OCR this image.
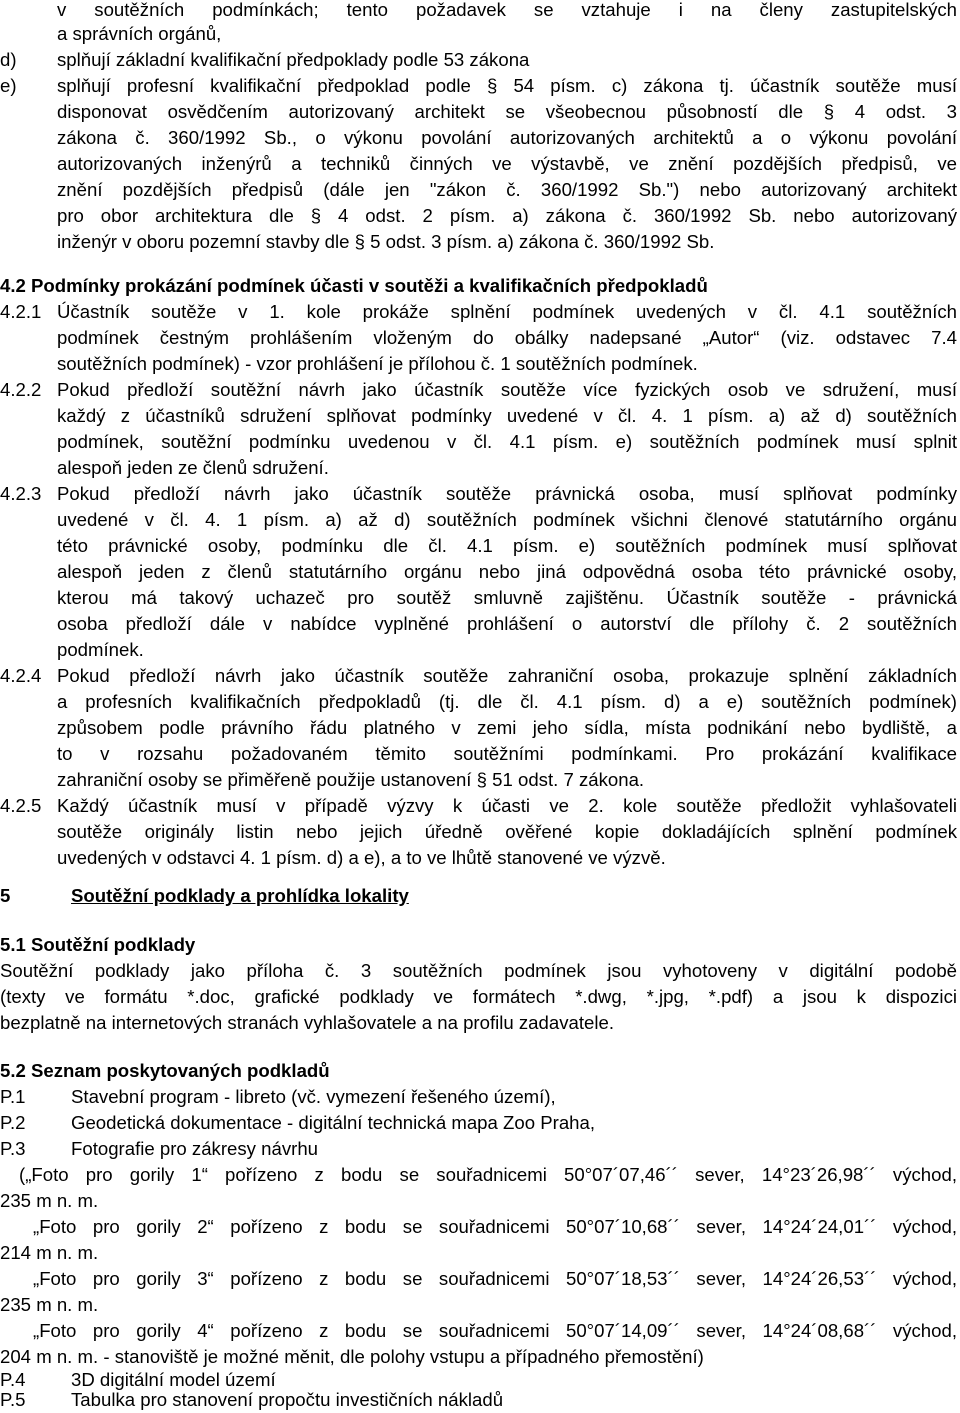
v soutěžních podmínkách; tento požadavek se vztahuje i na členy zastupitelských
a správních orgánů,
d) splňují základní kvalifikační předpoklady podle 53 zákona
e) splňují profesní kvalifikační předpoklad podle § 54 písm. c) zákona tj. účastník soutěže musí
disponovat osvědčením autorizovaný architekt se všeobecnou působností dle § 4 odst. 3
zákona č. 360/1992 Sb., o výkonu povolání autorizovaných architektů a o výkonu povolání
autorizovaných inženýrů a techniků činných ve výstavbě, ve znění pozdějších předpisů, ve
znění pozdějších předpisů (dále jen "zákon č. 360/1992 Sb.") nebo autorizovaný architekt
pro obor architektura dle § 4 odst. 2 písm. a) zákona č. 360/1992 Sb. nebo autorizovaný
inženýr v oboru pozemní stavby dle § 5 odst. 3 písm. a) zákona č. 360/1992 Sb.
4.2 Podmínky prokázání podmínek účasti v soutěži a kvalifikačních předpokladů
4.2.1 Účastník soutěže v 1. kole prokáže splnění podmínek uvedených v čl. 4.1 soutěžních
podmínek čestným prohlášením vloženým do obálky nadepsané „Autor“ (viz. odstavec 7.4
soutěžních podmínek) - vzor prohlášení je přílohou č. 1 soutěžních podmínek.
4.2.2 Pokud předloží soutěžní návrh jako účastník soutěže více fyzických osob ve sdružení, musí
každý z účastníků sdružení splňovat podmínky uvedené v čl. 4. 1 písm. a) až d) soutěžních
podmínek, soutěžní podmínku uvedenou v čl. 4.1 písm. e) soutěžních podmínek musí splnit
alespoň jeden ze členů sdružení.
4.2.3 Pokud předloží návrh jako účastník soutěže právnická osoba, musí splňovat podmínky
uvedené v čl. 4. 1 písm. a) až d) soutěžních podmínek všichni členové statutárního orgánu
této právnické osoby, podmínku dle čl. 4.1 písm. e) soutěžních podmínek musí splňovat
alespoň jeden z členů statutárního orgánu nebo jiná odpovědná osoba této právnické osoby,
kterou má takový uchazeč pro soutěž smluvně zajištěnu. Účastník soutěže - právnická
osoba předloží dále v nabídce vyplněné prohlášení o autorství dle přílohy č. 2 soutěžních
podmínek.
4.2.4 Pokud předloží návrh jako účastník soutěže zahraniční osoba, prokazuje splnění základních
a profesních kvalifikačních předpokladů (tj. dle čl. 4.1 písm. d) a e) soutěžních podmínek)
způsobem podle právního řádu platného v zemi jeho sídla, místa podnikání nebo bydliště, a
to v rozsahu požadovaném těmito soutěžními podmínkami. Pro prokázání kvalifikace
zahraniční osoby se přiměřeně použije ustanovení § 51 odst. 7 zákona.
4.2.5 Každý účastník musí v případě výzvy k účasti ve 2. kole soutěže předložit vyhlašovateli
soutěže originály listin nebo jejich úředně ověřené kopie dokladájících splnění podmínek
uvedených v odstavci 4. 1 písm. d) a e), a to ve lhůtě stanovené ve výzvě.
5	Soutěžní podklady a prohlídka lokality
5.1 Soutěžní podklady
Soutěžní podklady jako příloha č. 3 soutěžních podmínek jsou vyhotoveny v digitální podobě
(texty ve formátu *.doc, grafické podklady ve formátech *.dwg, *.jpg, *.pdf) a jsou k dispozici
bezplatně na internetových stranách vyhlašovatele a na profilu zadavatele.
5.2 Seznam poskytovaných podkladů
P.1 Stavební program - libreto (vč. vymezení řešeného území),
P.2 Geodetická dokumentace - digitální technická mapa Zoo Praha,
P.3 Fotografie pro zákresy návrhu
(„Foto pro gorily 1“ pořízeno z bodu se souřadnicemi 50°07´07,46´´ sever, 14°23´26,98´´ východ,
235 m n. m.
„Foto pro gorily 2“ pořízeno z bodu se souřadnicemi 50°07´10,68´´ sever, 14°24´24,01´´ východ,
214 m n. m.
„Foto pro gorily 3“ pořízeno z bodu se souřadnicemi 50°07´18,53´´ sever, 14°24´26,53´´ východ,
235 m n. m.
„Foto pro gorily 4“ pořízeno z bodu se souřadnicemi 50°07´14,09´´ sever, 14°24´08,68´´ východ,
204 m n. m. - stanoviště je možné měnit, dle polohy vstupu a případného přemostění)
P.4 3D digitální model území
P.5 Tabulka pro stanovení propočtu investičních nákladů
